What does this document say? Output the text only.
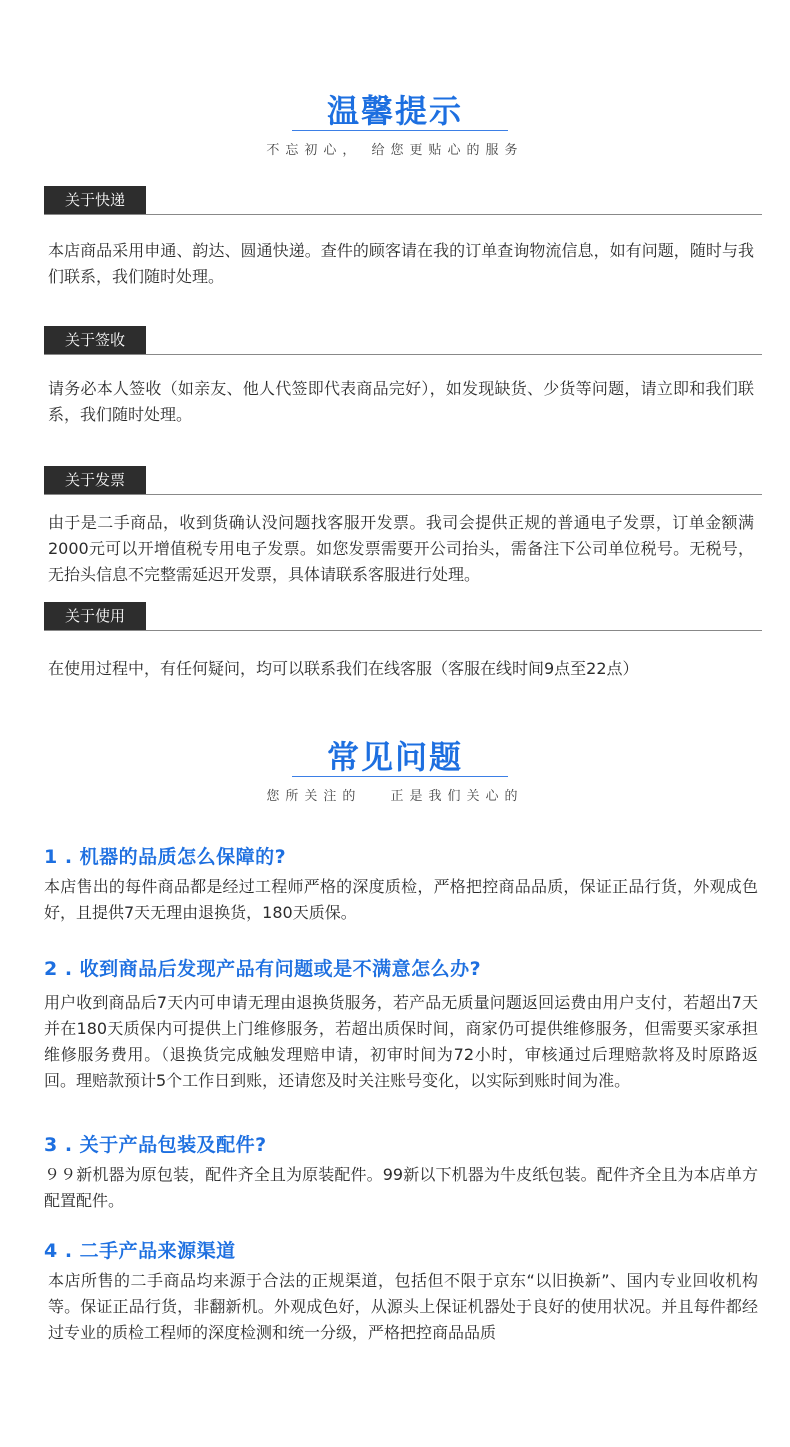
温馨提示
不忘初心， 给您更贴心的服务
关于快递
本店商品采用申通、韵达、圆通快递。查件的顾客请在我的订单查询物流信息，如有问题，随时与我们联系，我们随时处理。
关于签收
请务必本人签收（如亲友、他人代签即代表商品完好），如发现缺货、少货等问题，请立即和我们联系，我们随时处理。
关于发票
由于是二手商品，收到货确认没问题找客服开发票。我司会提供正规的普通电子发票，订单金额满2000元可以开增值税专用电子发票。如您发票需要开公司抬头，需备注下公司单位税号。无税号，无抬头信息不完整需延迟开发票，具体请联系客服进行处理。
关于使用
在使用过程中，有任何疑问，均可以联系我们在线客服（客服在线时间9点至22点）
常见问题
您所关注的　 正是我们关心的
1 . 机器的品质怎么保障的?
本店售出的每件商品都是经过工程师严格的深度质检，严格把控商品品质，保证正品行货，外观成色好，且提供7天无理由退换货，180天质保。
2 . 收到商品后发现产品有问题或是不满意怎么办?
用户收到商品后7天内可申请无理由退换货服务，若产品无质量问题返回运费由用户支付，若超出7天并在180天质保内可提供上门维修服务，若超出质保时间，商家仍可提供维修服务，但需要买家承担维修服务费用。（退换货完成触发理赔申请，初审时间为72小时，审核通过后理赔款将及时原路返回。理赔款预计5个工作日到账，还请您及时关注账号变化，以实际到账时间为准。
3 . 关于产品包装及配件?
９９新机器为原包装，配件齐全且为原装配件。99新以下机器为牛皮纸包装。配件齐全且为本店单方配置配件。
4 . 二手产品来源渠道
本店所售的二手商品均来源于合法的正规渠道，包括但不限于京东“以旧换新”、国内专业回收机构等。保证正品行货，非翻新机。外观成色好，从源头上保证机器处于良好的使用状况。并且每件都经过专业的质检工程师的深度检测和统一分级，严格把控商品品质
